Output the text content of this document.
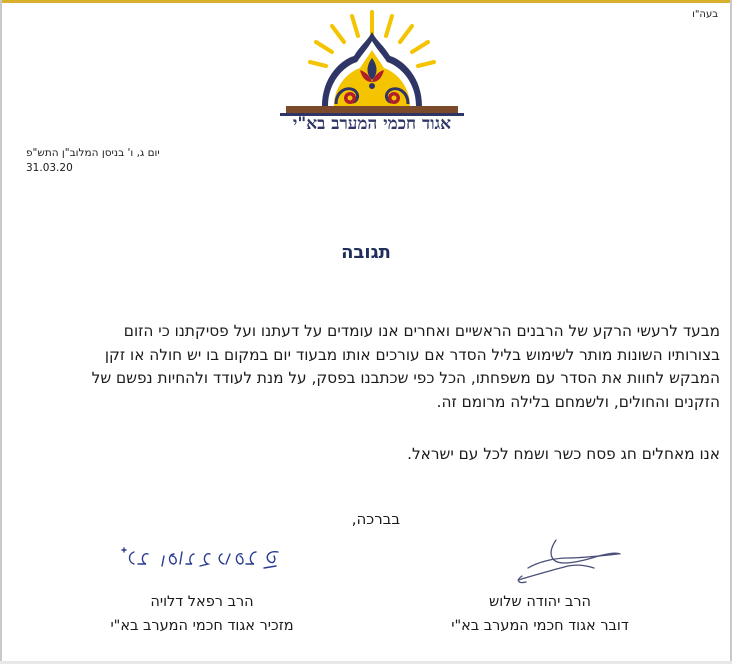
בעה"ו
אגוד חכמי המערב בא"י
יום ג, ו' בניסן המלוב"ן התש"פ
31.03.20
תגובה
מבעד לרעשי הרקע של הרבנים הראשיים ואחרים אנו עומדים על דעתנו ועל פסיקתנו כי הזום
בצורותיו השונות מותר לשימוש בליל הסדר אם עורכים אותו מבעוד יום במקום בו יש חולה או זקן
המבקש לחוות את הסדר עם משפחתו, הכל כפי שכתבנו בפסק, על מנת לעודד ולהחיות נפשם של
הזקנים והחולים, ולשמחם בלילה מרומם זה.
אנו מאחלים חג פסח כשר ושמח לכל עם ישראל.
בברכה,
הרב רפאל דלויה
מזכיר אגוד חכמי המערב בא"י
הרב יהודה שלוש
דובר אגוד חכמי המערב בא"י
